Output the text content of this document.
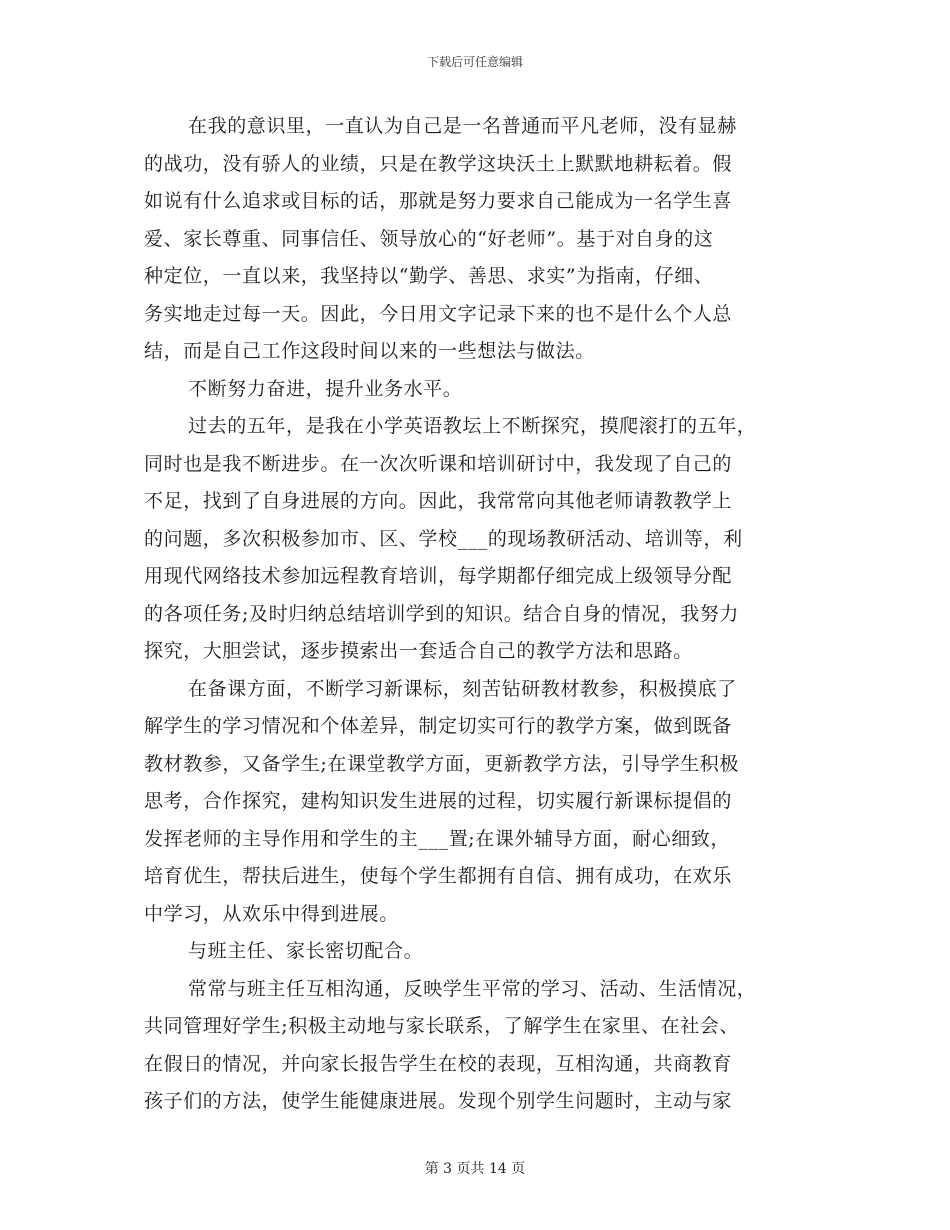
下载后可任意编辑
在我的意识里，一直认为自己是一名普通而平凡老师，没有显赫
的战功，没有骄人的业绩，只是在教学这块沃土上默默地耕耘着。假
如说有什么追求或目标的话，那就是努力要求自己能成为一名学生喜
爱、家长尊重、同事信任、领导放心的“好老师”。基于对自身的这
种定位，一直以来，我坚持以“勤学、善思、求实”为指南，仔细、
务实地走过每一天。因此，今日用文字记录下来的也不是什么个人总
结，而是自己工作这段时间以来的一些想法与做法。
不断努力奋进，提升业务水平。
过去的五年，是我在小学英语教坛上不断探究，摸爬滚打的五年，
同时也是我不断进步。在一次次听课和培训研讨中，我发现了自己的
不足，找到了自身进展的方向。因此，我常常向其他老师请教教学上
的问题，多次积极参加市、区、学校___的现场教研活动、培训等，利
用现代网络技术参加远程教育培训，每学期都仔细完成上级领导分配
的各项任务;及时归纳总结培训学到的知识。结合自身的情况，我努力
探究，大胆尝试，逐步摸索出一套适合自己的教学方法和思路。
在备课方面，不断学习新课标，刻苦钻研教材教参，积极摸底了
解学生的学习情况和个体差异，制定切实可行的教学方案，做到既备
教材教参，又备学生;在课堂教学方面，更新教学方法，引导学生积极
思考，合作探究，建构知识发生进展的过程，切实履行新课标提倡的
发挥老师的主导作用和学生的主___置;在课外辅导方面，耐心细致，
培育优生，帮扶后进生，使每个学生都拥有自信、拥有成功，在欢乐
中学习，从欢乐中得到进展。
与班主任、家长密切配合。
常常与班主任互相沟通，反映学生平常的学习、活动、生活情况，
共同管理好学生;积极主动地与家长联系，了解学生在家里、在社会、
在假日的情况，并向家长报告学生在校的表现，互相沟通，共商教育
孩子们的方法，使学生能健康进展。发现个别学生问题时，主动与家
第 3 页共 14 页
